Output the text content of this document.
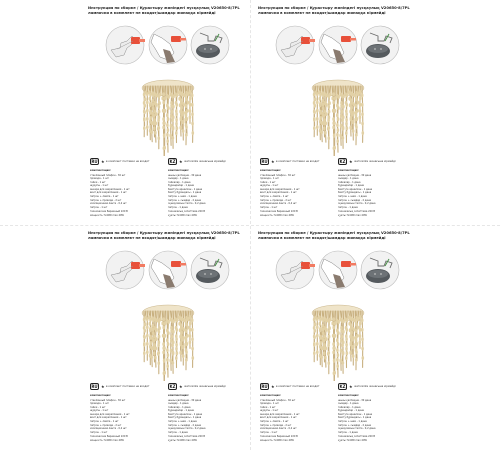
Инструкция по сборке / Құрастыру жөніндегі нұсқаулық V20650-8/7PL
лампочки в комплект не входят/шамдар жинаққа кірмейді
RU ★ в комплект поставки не входят	KZ ★ жеткізілім жинағына кірмейді
комплектация:
стеклянный плафон - 30 шт
провода - 1 шт
гайки - 1 шт
шурупы - 1 шт
анкера для закрепления - 1 шт
винт для закрепления - 1 шт
патрон + лампа - 1 шт
патрон + провода - 2 шт
изоляционная лента - 0,2 шт
патрон - 1 шт
технические Бережный 220 В
мощность 7х40W max 40W
комплектация:
шыны қалпақша - 30 дана
сымдар - 1 дана
гайкалар - 1 дана
бұрандалар - 1 дана
бекітуге арналған - 1 дана
бекіту бұрандасы - 1 дана
патрон + шам - 1 дана
патрон + сымдар - 2 дана
оқшаулағыш таспа - 0,2 дана
патрон - 1 дана
техникалық сипаттама 220 В
қуаты 7х40W max 40W
Инструкция по сборке / Құрастыру жөніндегі нұсқаулық V20650-8/7PL
лампочки в комплект не входят/шамдар жинаққа кірмейді
RU ★ в комплект поставки не входят	KZ ★ жеткізілім жинағына кірмейді
комплектация:
стеклянный плафон - 30 шт
провода - 1 шт
гайки - 1 шт
шурупы - 1 шт
анкера для закрепления - 1 шт
винт для закрепления - 1 шт
патрон + лампа - 1 шт
патрон + провода - 2 шт
изоляционная лента - 0,2 шт
патрон - 1 шт
технические Бережный 220 В
мощность 7х40W max 40W
комплектация:
шыны қалпақша - 30 дана
сымдар - 1 дана
гайкалар - 1 дана
бұрандалар - 1 дана
бекітуге арналған - 1 дана
бекіту бұрандасы - 1 дана
патрон + шам - 1 дана
патрон + сымдар - 2 дана
оқшаулағыш таспа - 0,2 дана
патрон - 1 дана
техникалық сипаттама 220 В
қуаты 7х40W max 40W
Инструкция по сборке / Құрастыру жөніндегі нұсқаулық V20650-8/7PL
лампочки в комплект не входят/шамдар жинаққа кірмейді
RU ★ в комплект поставки не входят	KZ ★ жеткізілім жинағына кірмейді
комплектация:
стеклянный плафон - 30 шт
провода - 1 шт
гайки - 1 шт
шурупы - 1 шт
анкера для закрепления - 1 шт
винт для закрепления - 1 шт
патрон + лампа - 1 шт
патрон + провода - 2 шт
изоляционная лента - 0,2 шт
патрон - 1 шт
технические Бережный 220 В
мощность 7х40W max 40W
комплектация:
шыны қалпақша - 30 дана
сымдар - 1 дана
гайкалар - 1 дана
бұрандалар - 1 дана
бекітуге арналған - 1 дана
бекіту бұрандасы - 1 дана
патрон + шам - 1 дана
патрон + сымдар - 2 дана
оқшаулағыш таспа - 0,2 дана
патрон - 1 дана
техникалық сипаттама 220 В
қуаты 7х40W max 40W
Инструкция по сборке / Құрастыру жөніндегі нұсқаулық V20650-8/7PL
лампочки в комплект не входят/шамдар жинаққа кірмейді
RU ★ в комплект поставки не входят	KZ ★ жеткізілім жинағына кірмейді
комплектация:
стеклянный плафон - 30 шт
провода - 1 шт
гайки - 1 шт
шурупы - 1 шт
анкера для закрепления - 1 шт
винт для закрепления - 1 шт
патрон + лампа - 1 шт
патрон + провода - 2 шт
изоляционная лента - 0,2 шт
патрон - 1 шт
технические Бережный 220 В
мощность 7х40W max 40W
комплектация:
шыны қалпақша - 30 дана
сымдар - 1 дана
гайкалар - 1 дана
бұрандалар - 1 дана
бекітуге арналған - 1 дана
бекіту бұрандасы - 1 дана
патрон + шам - 1 дана
патрон + сымдар - 2 дана
оқшаулағыш таспа - 0,2 дана
патрон - 1 дана
техникалық сипаттама 220 В
қуаты 7х40W max 40W
